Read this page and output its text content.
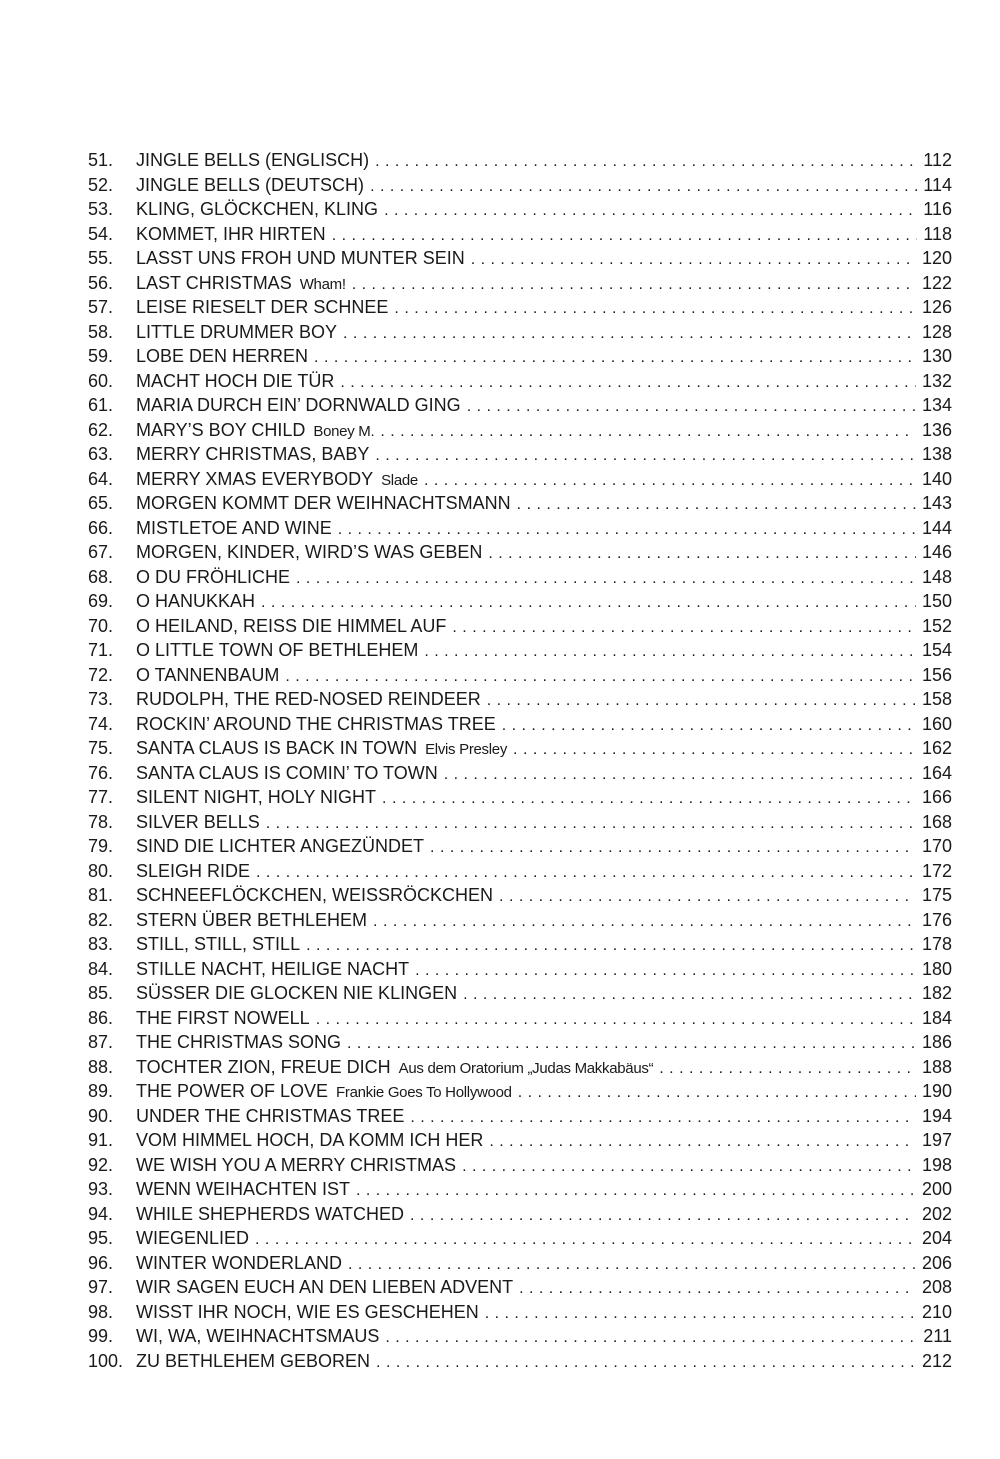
51.	JINGLE BELLS (ENGLISCH) . . .	112
52.	JINGLE BELLS (DEUTSCH) . . .	114
53.	KLING, GLÖCKCHEN, KLING . . .	116
54.	KOMMET, IHR HIRTEN . . .	118
55.	LASST UNS FROH UND MUNTER SEIN . . .	120
56.	LAST CHRISTMAS Wham! . . .	122
57.	LEISE RIESELT DER SCHNEE . . .	126
58.	LITTLE DRUMMER BOY . . .	128
59.	LOBE DEN HERREN . . .	130
60.	MACHT HOCH DIE TÜR . . .	132
61.	MARIA DURCH EIN’ DORNWALD GING . . .	134
62.	MARY’S BOY CHILD Boney M. . . .	136
63.	MERRY CHRISTMAS, BABY . . .	138
64.	MERRY XMAS EVERYBODY Slade . . .	140
65.	MORGEN KOMMT DER WEIHNACHTSMANN . . .	143
66.	MISTLETOE AND WINE . . .	144
67.	MORGEN, KINDER, WIRD’S WAS GEBEN . . .	146
68.	O DU FRÖHLICHE . . .	148
69.	O HANUKKAH . . .	150
70.	O HEILAND, REISS DIE HIMMEL AUF . . .	152
71.	O LITTLE TOWN OF BETHLEHEM . . .	154
72.	O TANNENBAUM . . .	156
73.	RUDOLPH, THE RED-NOSED REINDEER . . .	158
74.	ROCKIN’ AROUND THE CHRISTMAS TREE . . .	160
75.	SANTA CLAUS IS BACK IN TOWN Elvis Presley . . .	162
76.	SANTA CLAUS IS COMIN’ TO TOWN . . .	164
77.	SILENT NIGHT, HOLY NIGHT . . .	166
78.	SILVER BELLS . . .	168
79.	SIND DIE LICHTER ANGEZÜNDET . . .	170
80.	SLEIGH RIDE . . .	172
81.	SCHNEEFLÖCKCHEN, WEISSRÖCKCHEN . . .	175
82.	STERN ÜBER BETHLEHEM . . .	176
83.	STILL, STILL, STILL . . .	178
84.	STILLE NACHT, HEILIGE NACHT . . .	180
85.	SÜSSER DIE GLOCKEN NIE KLINGEN . . .	182
86.	THE FIRST NOWELL . . .	184
87.	THE CHRISTMAS SONG . . .	186
88.	TOCHTER ZION, FREUE DICH Aus dem Oratorium „Judas Makkabäus“ . . .	188
89.	THE POWER OF LOVE Frankie Goes To Hollywood . . .	190
90.	UNDER THE CHRISTMAS TREE . . .	194
91.	VOM HIMMEL HOCH, DA KOMM ICH HER . . .	197
92.	WE WISH YOU A MERRY CHRISTMAS . . .	198
93.	WENN WEIHACHTEN IST . . .	200
94.	WHILE SHEPHERDS WATCHED . . .	202
95.	WIEGENLIED . . .	204
96.	WINTER WONDERLAND . . .	206
97.	WIR SAGEN EUCH AN DEN LIEBEN ADVENT . . .	208
98.	WISST IHR NOCH, WIE ES GESCHEHEN . . .	210
99.	WI, WA, WEIHNACHTSMAUS . . .	211
100. ZU BETHLEHEM GEBOREN . . .	212
